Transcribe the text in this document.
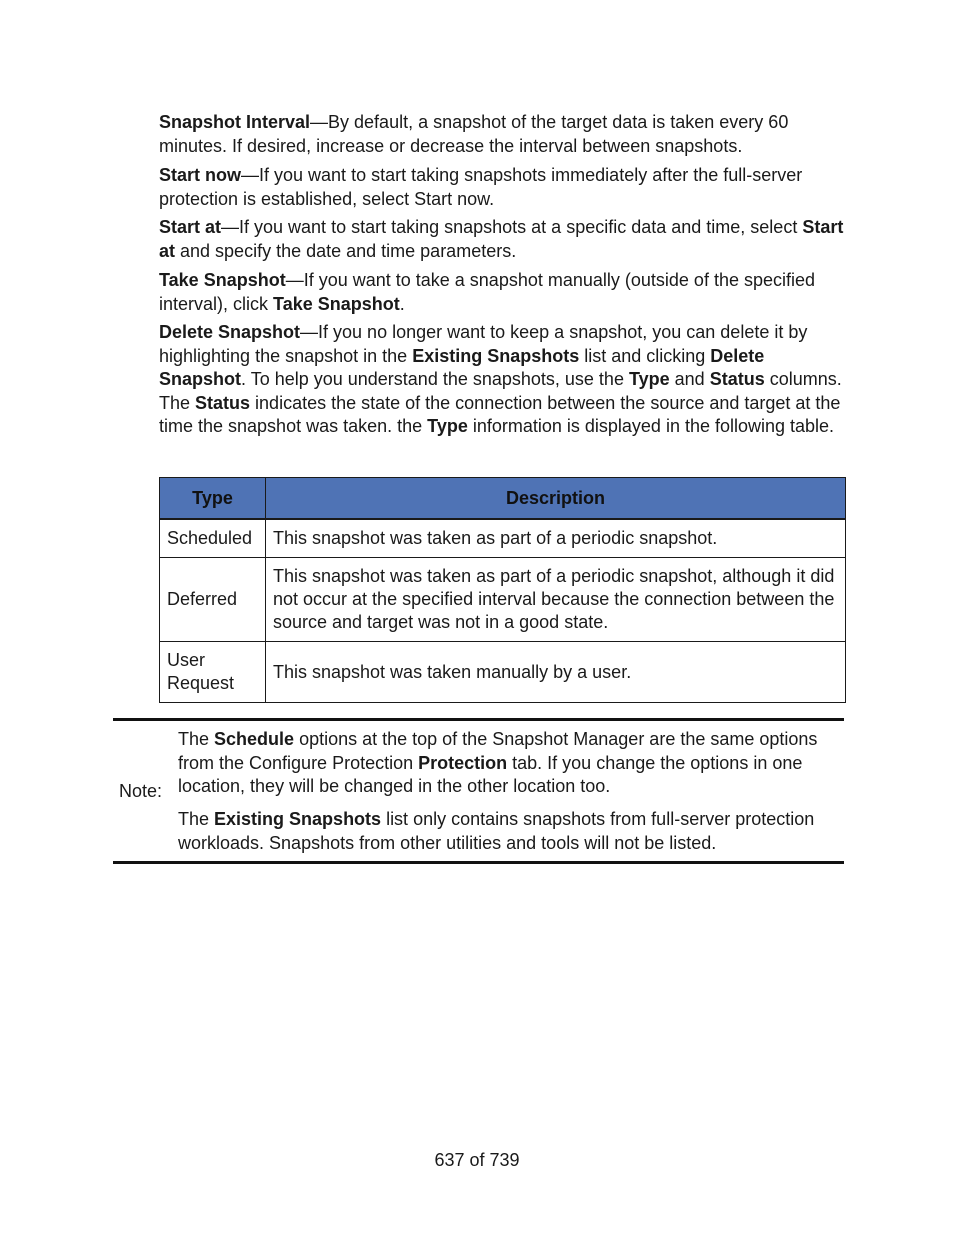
Snapshot Interval—By default, a snapshot of the target data is taken every 60 minutes. If desired, increase or decrease the interval between snapshots.

Start now—If you want to start taking snapshots immediately after the full-server protection is established, select Start now.

Start at—If you want to start taking snapshots at a specific data and time, select Start at and specify the date and time parameters.

Take Snapshot—If you want to take a snapshot manually (outside of the specified interval), click Take Snapshot.

Delete Snapshot—If you no longer want to keep a snapshot, you can delete it by highlighting the snapshot in the Existing Snapshots list and clicking Delete Snapshot. To help you understand the snapshots, use the Type and Status columns. The Status indicates the state of the connection between the source and target at the time the snapshot was taken. the Type information is displayed in the following table.

Type	Description
Scheduled	This snapshot was taken as part of a periodic snapshot.
Deferred	This snapshot was taken as part of a periodic snapshot, although it did not occur at the specified interval because the connection between the source and target was not in a good state.
User Request	This snapshot was taken manually by a user.
Note:

The Schedule options at the top of the Snapshot Manager are the same options from the Configure Protection Protection tab. If you change the options in one location, they will be changed in the other location too.

The Existing Snapshots list only contains snapshots from full-server protection workloads. Snapshots from other utilities and tools will not be listed.

637 of 739
